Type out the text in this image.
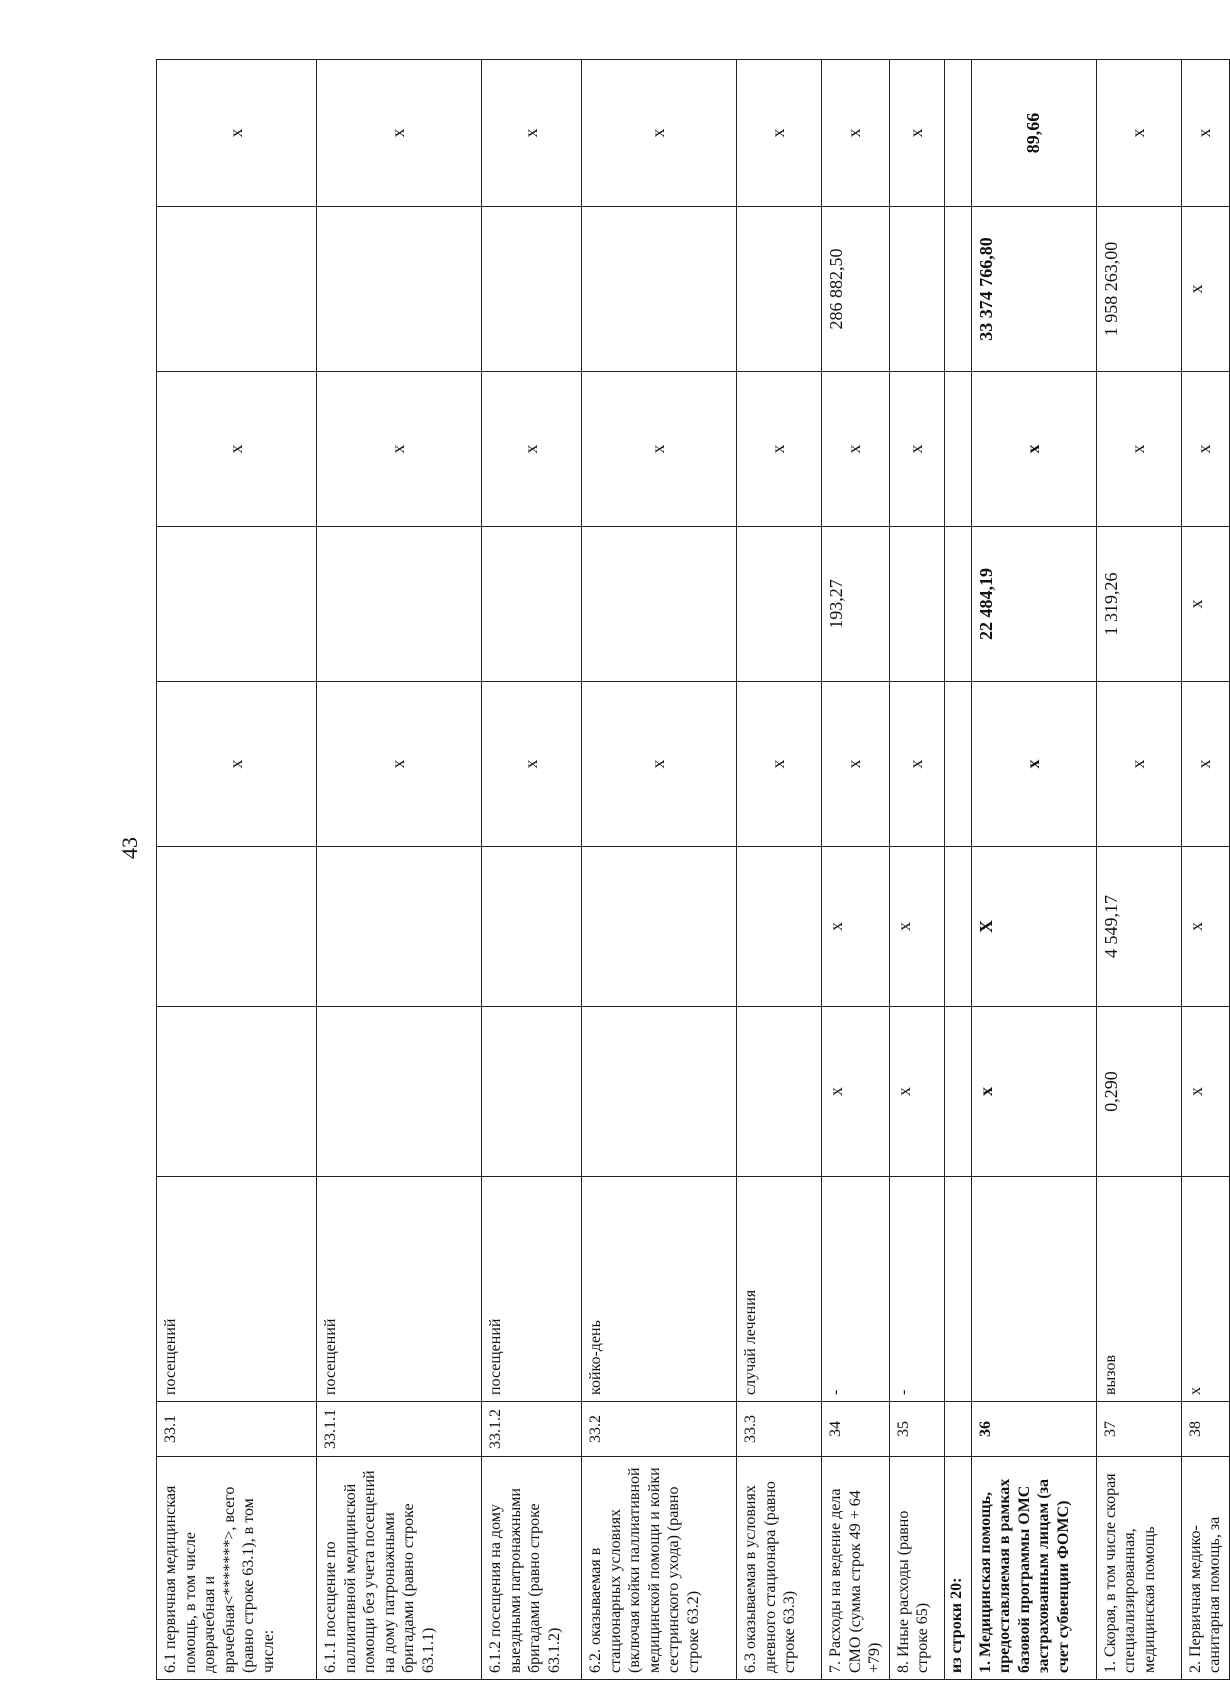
43
6.1 первичная медицинская помощь, в том числе доврачебная и врачебная<*******>, всего (равно строке 63.1), в том числе:	33.1	посещений			x		x		x
6.1.1 посещение по паллиативной медицинской помощи без учета посещений на дому патронажными бригадами (равно строке 63.1.1)	33.1.1	посещений			x		x		x
6.1.2 посещения на дому выездными патронажными бригадами (равно строке 63.1.2)	33.1.2	посещений			x		x		x
6.2. оказываемая в стационарных условиях (включая койки паллиативной медицинской помощи и койки сестринского ухода) (равно строке 63.2)	33.2	койко-день			x		x		x
6.3 оказываемая в условиях дневного стационара (равно строке 63.3)	33.3	случай лечения			x		x		x
7. Расходы на ведение дела СМО (сумма строк 49 + 64 +79)	34	-	x	x	x	193,27	x	286 882,50	x
8. Иные расходы (равно строке 65)	35	-	x	x	x		x		x
из строки 20:									
1. Медицинская помощь, предоставляемая в рамках базовой программы ОМС застрахованным лицам (за счет субвенции ФОМС)	36		x	X	x	22 484,19	x	33 374 766,80	89,66
1. Скорая, в том числе скорая специализированная, медицинская помощь	37	вызов	0,290	4 549,17	x	1 319,26	x	1 958 263,00	x
2. Первичная медико-санитарная помощь, за	38	x	x	x	x	x	x	x	x
